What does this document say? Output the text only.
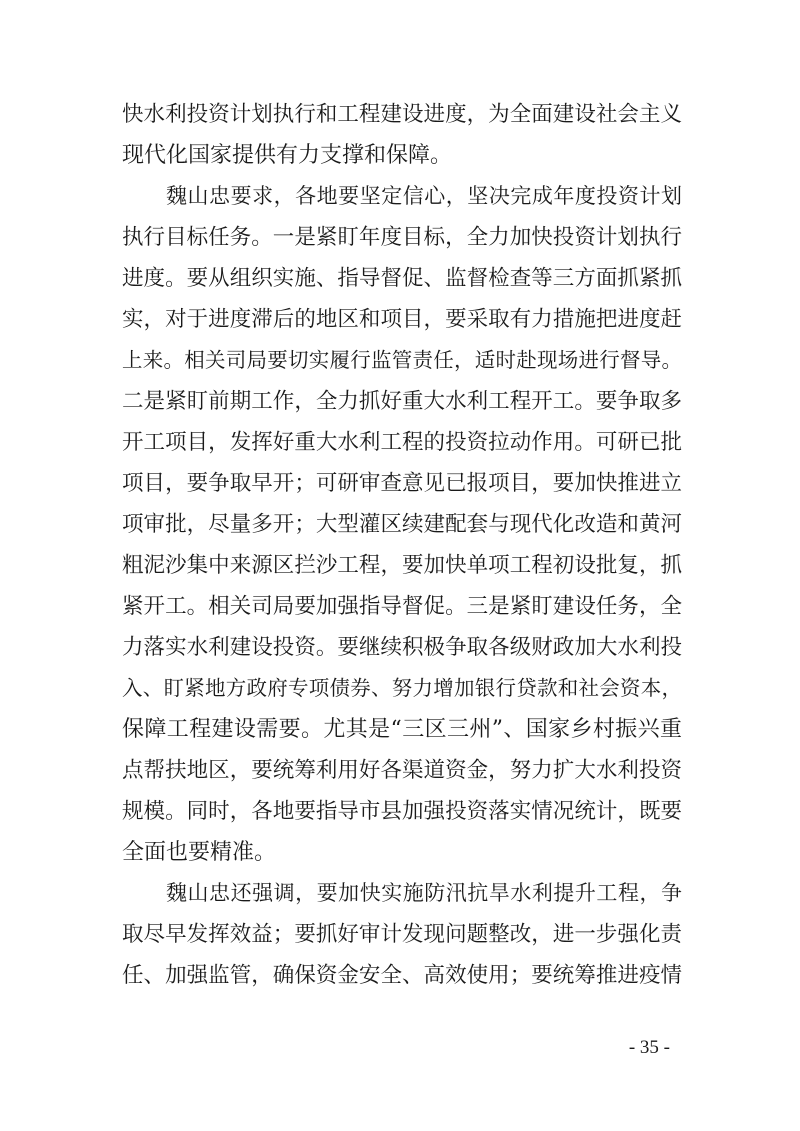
快水利投资计划执行和工程建设进度，为全面建设社会主义
现代化国家提供有力支撑和保障。
魏山忠要求，各地要坚定信心，坚决完成年度投资计划
执行目标任务。一是紧盯年度目标，全力加快投资计划执行
进度。要从组织实施、指导督促、监督检查等三方面抓紧抓
实，对于进度滞后的地区和项目，要采取有力措施把进度赶
上来。相关司局要切实履行监管责任，适时赴现场进行督导。
二是紧盯前期工作，全力抓好重大水利工程开工。要争取多
开工项目，发挥好重大水利工程的投资拉动作用。可研已批
项目，要争取早开；可研审查意见已报项目，要加快推进立
项审批，尽量多开；大型灌区续建配套与现代化改造和黄河
粗泥沙集中来源区拦沙工程，要加快单项工程初设批复，抓
紧开工。相关司局要加强指导督促。三是紧盯建设任务，全
力落实水利建设投资。要继续积极争取各级财政加大水利投
入、盯紧地方政府专项债券、努力增加银行贷款和社会资本，
保障工程建设需要。尤其是“三区三州”、国家乡村振兴重
点帮扶地区，要统筹利用好各渠道资金，努力扩大水利投资
规模。同时，各地要指导市县加强投资落实情况统计，既要
全面也要精准。
魏山忠还强调，要加快实施防汛抗旱水利提升工程，争
取尽早发挥效益；要抓好审计发现问题整改，进一步强化责
任、加强监管，确保资金安全、高效使用；要统筹推进疫情
- 35 -
